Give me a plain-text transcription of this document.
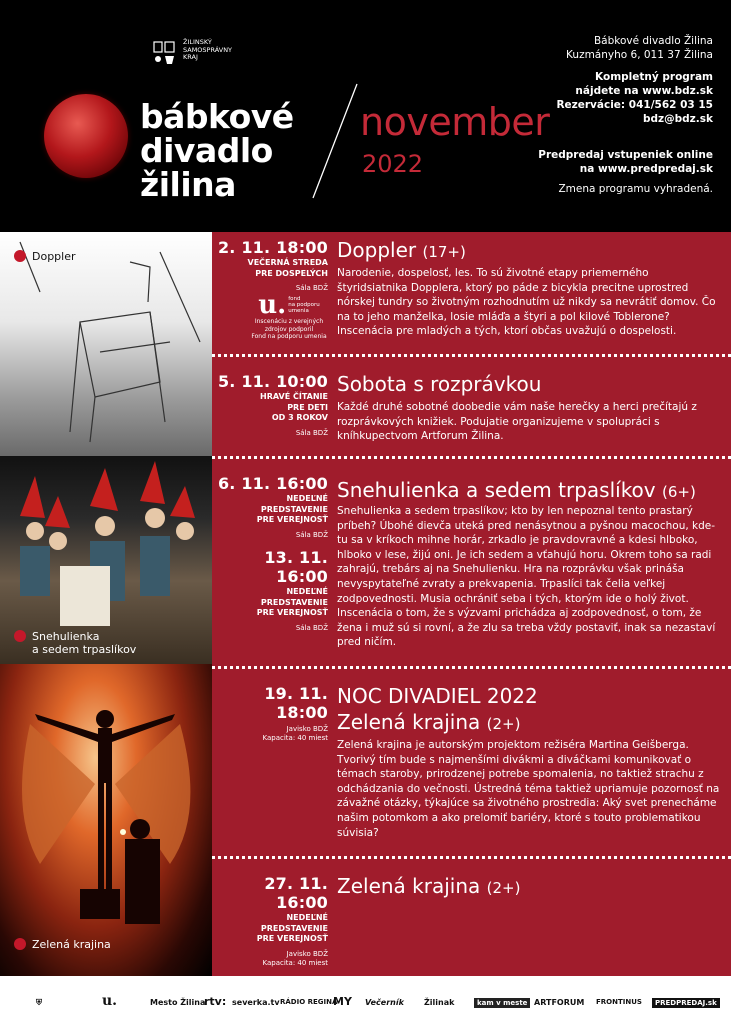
ŽILINSKÝ
SAMOSPRÁVNY
KRAJ
bábkové
divadlo
žilina
november
2022
Bábkové divadlo Žilina
Kuzmányho 6, 011 37 Žilina
Kompletný program
nájdete na www.bdz.sk
Rezervácie: 041/562 03 15
bdz@bdz.sk
Predpredaj vstupeniek online
na www.predpredaj.sk
Zmena programu vyhradená.
Doppler
Snehulienka
a sedem trpaslíkov
Zelená krajina
2. 11. 18:00
VEČERNÁ STREDA
PRE DOSPELÝCH
Sála BDŽ
u. fond
na podporu
umenia
Inscenáciu z verejných
zdrojov podporil
Fond na podporu umenia
Doppler (17+)
Narodenie, dospelosť, les. To sú životné etapy priemerného štyridsiatnika Dopplera, ktorý po páde z bicykla precitne uprostred nórskej tundry so životným rozhodnutím už nikdy sa nevrátiť domov. Čo na to jeho manželka, losie mláďa a štyri a pol kilové Toblerone? Inscenácia pre mladých a tých, ktorí občas uvažujú o dospelosti.
5. 11. 10:00
HRAVÉ ČÍTANIE
PRE DETI
OD 3 ROKOV
Sála BDŽ
Sobota s rozprávkou
Každé druhé sobotné doobedie vám naše herečky a herci prečítajú z rozprávkových knižiek. Podujatie organizujeme v spolupráci s kníhkupectvom Artforum Žilina.
6. 11. 16:00
NEDEĽNÉ
PREDSTAVENIE
PRE VEREJNOSŤ
Sála BDŽ
13. 11. 16:00
NEDEĽNÉ
PREDSTAVENIE
PRE VEREJNOSŤ
Sála BDŽ
Snehulienka a sedem trpaslíkov (6+)
Snehulienka a sedem trpaslíkov; kto by len nepoznal tento prastarý príbeh? Úbohé dievča uteká pred nenásytnou a pyšnou macochou, kde-tu sa v kríkoch mihne horár, zrkadlo je pravdovravné a kdesi hlboko, hlboko v lese, žijú oni. Je ich sedem a vťahujú horu. Okrem toho sa radi zahrajú, trebárs aj na Snehulienku. Hra na rozprávku však prináša nevyspytateľné zvraty a prekvapenia. Trpaslíci tak čelia veľkej zodpovednosti. Musia ochrániť seba i tých, ktorým ide o holý život. Inscenácia o tom, že s výzvami prichádza aj zodpovednosť, o tom, že žena i muž sú si rovní, a že zlu sa treba vždy postaviť, inak sa nezastaví pred ničím.
19. 11. 18:00
Javisko BDŽ
Kapacita: 40 miest
NOC DIVADIEL 2022
Zelená krajina (2+)
Zelená krajina je autorským projektom režiséra Martina Geišberga. Tvorivý tím bude s najmenšími divákmi a diváčkami komunikovať o témach staroby, prirodzenej potrebe spomalenia, no taktiež strachu z odchádzania do večnosti. Ústredná téma taktiež upriamuje pozornosť na závažné otázky, týkajúce sa životného prostredia: Aký svet prenecháme našim potomkom a ako prelomiť bariéry, ktoré s touto problematikou súvisia?
27. 11. 16:00
NEDEĽNÉ
PREDSTAVENIE
PRE VEREJNOSŤ
Javisko BDŽ
Kapacita: 40 miest
Zelená krajina (2+)
⛨	u.	Mesto Žilina
rtv: severka.tv RÁDIO REGINA
MY Večerník	Žilinak	kam v meste ARTFORUM FRONTINUS	PREDPREDAJ.sk
